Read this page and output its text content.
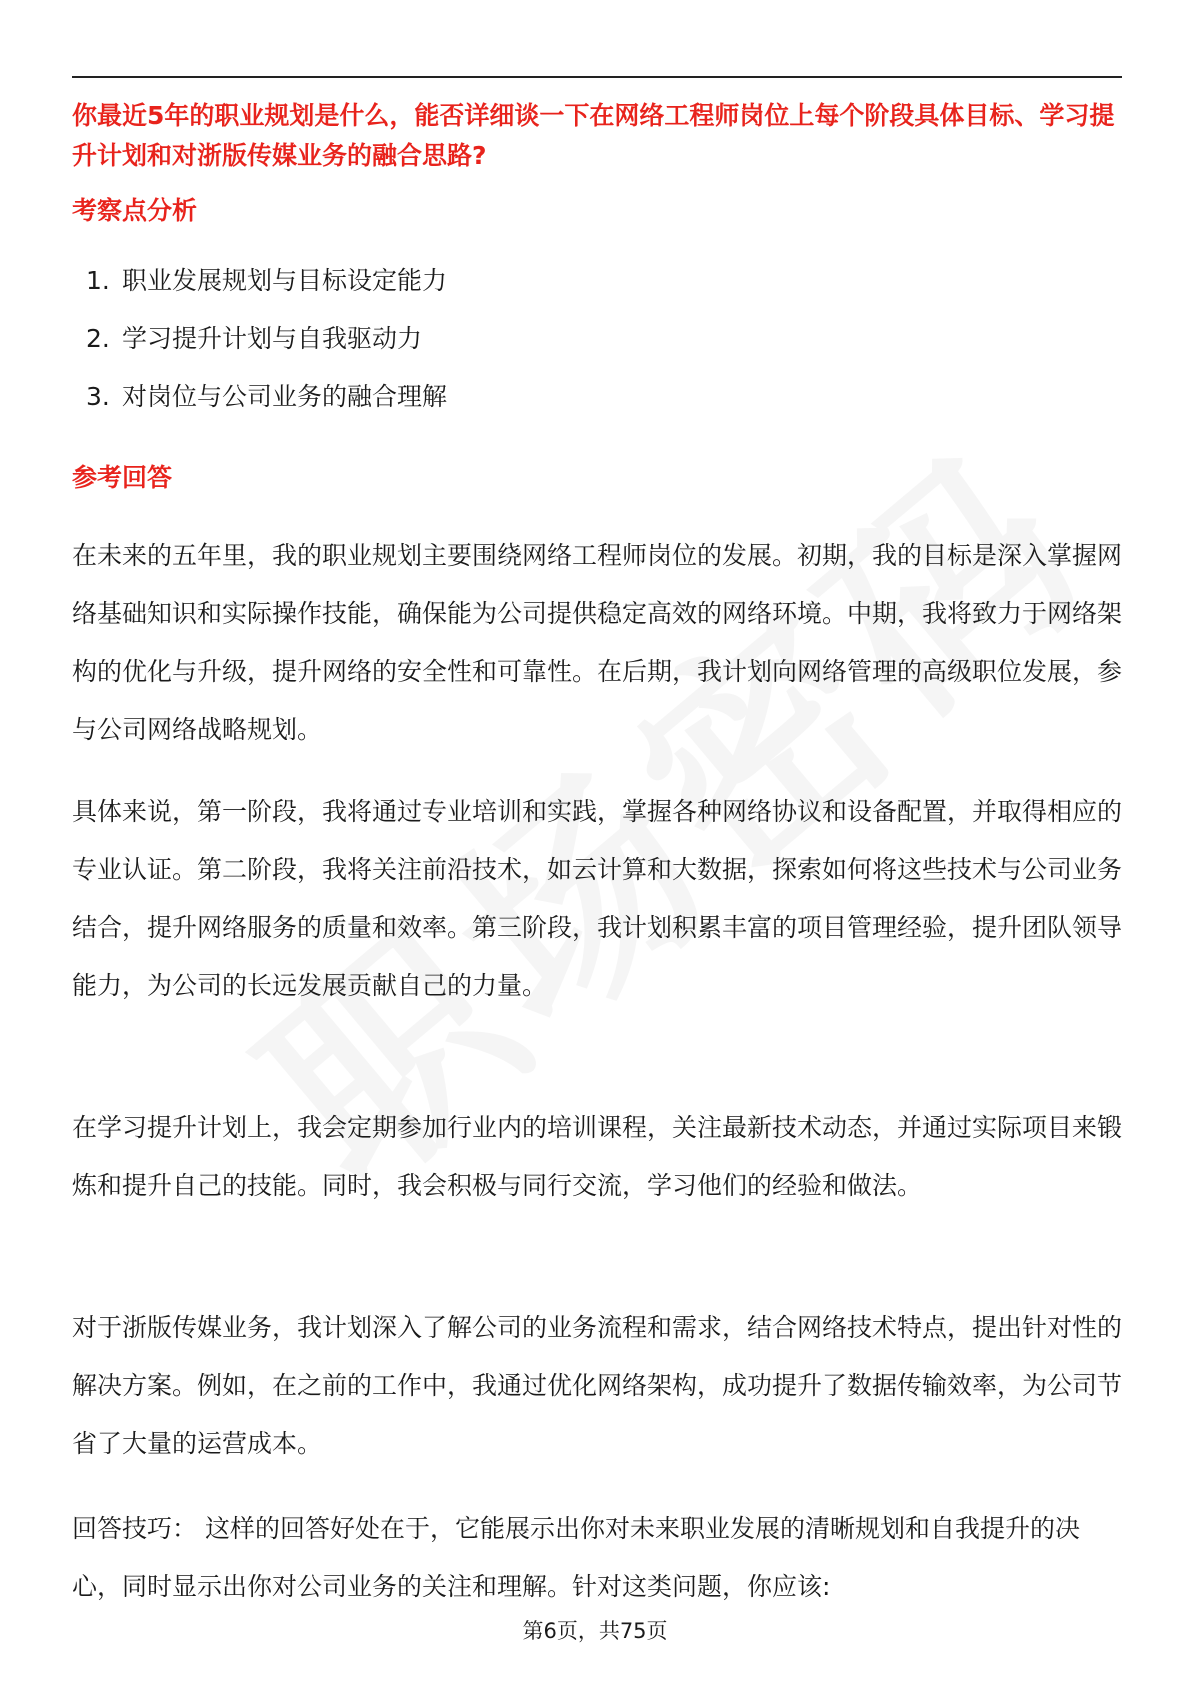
你最近5年的职业规划是什么，能否详细谈一下在网络工程师岗位上每个阶段具体目标、学习提升计划和对浙版传媒业务的融合思路?

考察点分析
1. 职业发展规划与目标设定能力
2. 学习提升计划与自我驱动力
3. 对岗位与公司业务的融合理解
参考回答

在未来的五年里，我的职业规划主要围绕网络工程师岗位的发展。初期，我的目标是深入掌握网络基础知识和实际操作技能，确保能为公司提供稳定高效的网络环境。中期，我将致力于网络架构的优化与升级，提升网络的安全性和可靠性。在后期，我计划向网络管理的高级职位发展，参与公司网络战略规划。

具体来说，第一阶段，我将通过专业培训和实践，掌握各种网络协议和设备配置，并取得相应的专业认证。第二阶段，我将关注前沿技术，如云计算和大数据，探索如何将这些技术与公司业务结合，提升网络服务的质量和效率。第三阶段，我计划积累丰富的项目管理经验，提升团队领导能力，为公司的长远发展贡献自己的力量。

在学习提升计划上，我会定期参加行业内的培训课程，关注最新技术动态，并通过实际项目来锻炼和提升自己的技能。同时，我会积极与同行交流，学习他们的经验和做法。

对于浙版传媒业务，我计划深入了解公司的业务流程和需求，结合网络技术特点，提出针对性的解决方案。例如，在之前的工作中，我通过优化网络架构，成功提升了数据传输效率，为公司节省了大量的运营成本。

回答技巧： 这样的回答好处在于，它能展示出你对未来职业发展的清晰规划和自我提升的决心，同时显示出你对公司业务的关注和理解。针对这类问题，你应该:

第6页，共75页
